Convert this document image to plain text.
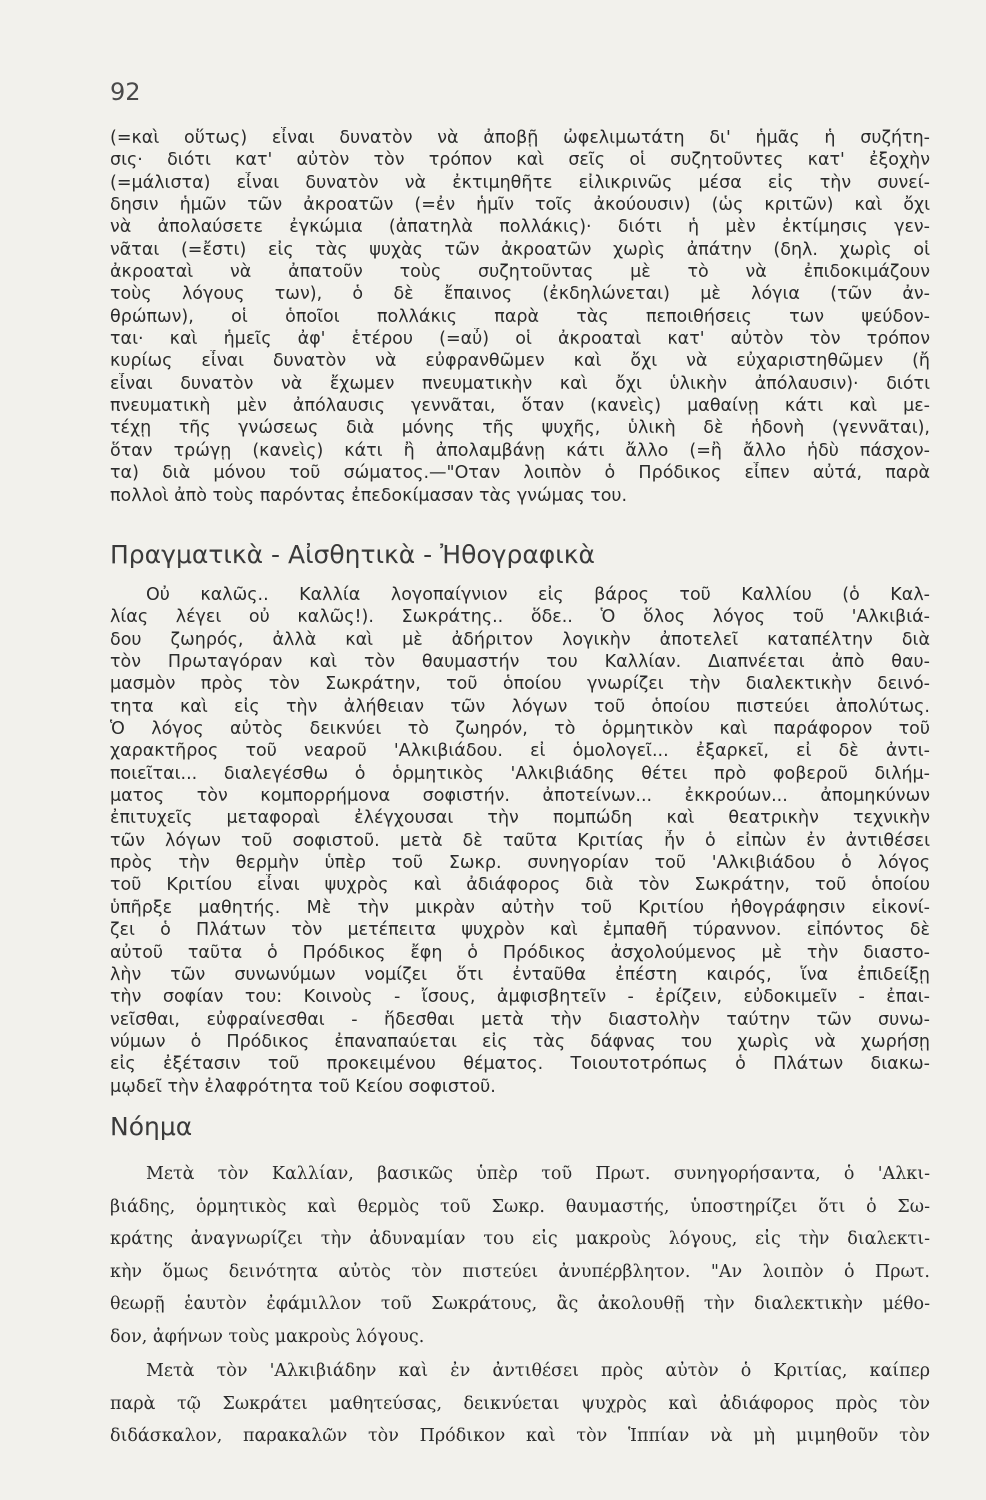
92
(=καὶ οὕτως) εἶναι δυνατὸν νὰ ἀποβῇ ὠφελιμωτάτη δι' ἡμᾶς ἡ συζήτη-
σις· διότι κατ' αὐτὸν τὸν τρόπον καὶ σεῖς οἱ συζητοῦντες κατ' ἐξοχὴν
(=μάλιστα) εἶναι δυνατὸν νὰ ἐκτιμηθῆτε εἰλικρινῶς μέσα εἰς τὴν συνεί-
δησιν ἡμῶν τῶν ἀκροατῶν (=ἐν ἡμῖν τοῖς ἀκούουσιν) (ὡς κριτῶν) καὶ ὄχι
νὰ ἀπολαύσετε ἐγκώμια (ἀπατηλὰ πολλάκις)· διότι ἡ μὲν ἐκτίμησις γεν-
νᾶται (=ἔστι) εἰς τὰς ψυχὰς τῶν ἀκροατῶν χωρὶς ἀπάτην (δηλ. χωρὶς οἱ
ἀκροαταὶ νὰ ἀπατοῦν τοὺς συζητοῦντας μὲ τὸ νὰ ἐπιδοκιμάζουν
τοὺς λόγους των), ὁ δὲ ἔπαινος (ἐκδηλώνεται) μὲ λόγια (τῶν ἀν-
θρώπων), οἱ ὁποῖοι πολλάκις παρὰ τὰς πεποιθήσεις των ψεύδον-
ται· καὶ ἡμεῖς ἀφ' ἑτέρου (=αὖ) οἱ ἀκροαταὶ κατ' αὐτὸν τὸν τρόπον
κυρίως εἶναι δυνατὸν νὰ εὐφρανθῶμεν καὶ ὄχι νὰ εὐχαριστηθῶμεν (ἤ
εἶναι δυνατὸν νὰ ἔχωμεν πνευματικὴν καὶ ὄχι ὑλικὴν ἀπόλαυσιν)· διότι
πνευματικὴ μὲν ἀπόλαυσις γεννᾶται, ὅταν (κανεὶς) μαθαίνῃ κάτι καὶ με-
τέχῃ τῆς γνώσεως διὰ μόνης τῆς ψυχῆς, ὑλικὴ δὲ ἡδονὴ (γεννᾶται),
ὅταν τρώγῃ (κανεὶς) κάτι ἢ ἀπολαμβάνῃ κάτι ἄλλο (=ἢ ἄλλο ἡδὺ πάσχον-
τα) διὰ μόνου τοῦ σώματος.—"Οταν λοιπὸν ὁ Πρόδικος εἶπεν αὐτά, παρὰ
πολλοὶ ἀπὸ τοὺς παρόντας ἐπεδοκίμασαν τὰς γνώμας του.
Πραγματικὰ - Αἰσθητικὰ - Ἠθογραφικὰ
Οὐ καλῶς.. Καλλία λογοπαίγνιον εἰς βάρος τοῦ Καλλίου (ὁ Καλ-
λίας λέγει οὐ καλῶς!). Σωκράτης.. ὅδε.. Ὁ ὅλος λόγος τοῦ 'Αλκιβιά-
δου ζωηρός, ἀλλὰ καὶ μὲ ἀδήριτον λογικὴν ἀποτελεῖ καταπέλτην διὰ
τὸν Πρωταγόραν καὶ τὸν θαυμαστήν του Καλλίαν. Διαπνέεται ἀπὸ θαυ-
μασμὸν πρὸς τὸν Σωκράτην, τοῦ ὁποίου γνωρίζει τὴν διαλεκτικὴν δεινό-
τητα καὶ εἰς τὴν ἀλήθειαν τῶν λόγων τοῦ ὁποίου πιστεύει ἀπολύτως.
Ὁ λόγος αὐτὸς δεικνύει τὸ ζωηρόν, τὸ ὁρμητικὸν καὶ παράφορον τοῦ
χαρακτῆρος τοῦ νεαροῦ 'Αλκιβιάδου. εἰ ὁμολογεῖ... ἐξαρκεῖ, εἰ δὲ ἀντι-
ποιεῖται... διαλεγέσθω ὁ ὁρμητικὸς 'Αλκιβιάδης θέτει πρὸ φοβεροῦ διλήμ-
ματος τὸν κομπορρήμονα σοφιστήν. ἀποτείνων... ἐκκρούων... ἀπομηκύνων
ἐπιτυχεῖς μεταφοραὶ ἐλέγχουσαι τὴν πομπώδη καὶ θεατρικὴν τεχνικὴν
τῶν λόγων τοῦ σοφιστοῦ. μετὰ δὲ ταῦτα Κριτίας ἦν ὁ εἰπὼν ἐν ἀντιθέσει
πρὸς τὴν θερμὴν ὑπὲρ τοῦ Σωκρ. συνηγορίαν τοῦ 'Αλκιβιάδου ὁ λόγος
τοῦ Κριτίου εἶναι ψυχρὸς καὶ ἀδιάφορος διὰ τὸν Σωκράτην, τοῦ ὁποίου
ὑπῆρξε μαθητής. Μὲ τὴν μικρὰν αὐτὴν τοῦ Κριτίου ἠθογράφησιν εἰκονί-
ζει ὁ Πλάτων τὸν μετέπειτα ψυχρὸν καὶ ἐμπαθῆ τύραννον. εἰπόντος δὲ
αὐτοῦ ταῦτα ὁ Πρόδικος ἔφη ὁ Πρόδικος ἀσχολούμενος μὲ τὴν διαστο-
λὴν τῶν συνωνύμων νομίζει ὅτι ἐνταῦθα ἐπέστη καιρός, ἵνα ἐπιδείξῃ
τὴν σοφίαν του: Κοινοὺς - ἴσους, ἀμφισβητεῖν - ἐρίζειν, εὐδοκιμεῖν - ἐπαι-
νεῖσθαι, εὐφραίνεσθαι - ἥδεσθαι μετὰ τὴν διαστολὴν ταύτην τῶν συνω-
νύμων ὁ Πρόδικος ἐπαναπαύεται εἰς τὰς δάφνας του χωρὶς νὰ χωρήσῃ
εἰς ἐξέτασιν τοῦ προκειμένου θέματος. Τοιουτοτρόπως ὁ Πλάτων διακω-
μῳδεῖ τὴν ἐλαφρότητα τοῦ Κείου σοφιστοῦ.
Νόημα
Μετὰ τὸν Καλλίαν, βασικῶς ὑπὲρ τοῦ Πρωτ. συνηγορήσαντα, ὁ 'Αλκι-
βιάδης, ὁρμητικὸς καὶ θερμὸς τοῦ Σωκρ. θαυμαστής, ὑποστηρίζει ὅτι ὁ Σω-
κράτης ἀναγνωρίζει τὴν ἀδυναμίαν του εἰς μακροὺς λόγους, εἰς τὴν διαλεκτι-
κὴν ὅμως δεινότητα αὐτὸς τὸν πιστεύει ἀνυπέρβλητον. "Αν λοιπὸν ὁ Πρωτ.
θεωρῇ ἑαυτὸν ἐφάμιλλον τοῦ Σωκράτους, ἂς ἀκολουθῇ τὴν διαλεκτικὴν μέθο-
δον, ἀφήνων τοὺς μακροὺς λόγους.
Μετὰ τὸν 'Αλκιβιάδην καὶ ἐν ἀντιθέσει πρὸς αὐτὸν ὁ Κριτίας, καίπερ
παρὰ τῷ Σωκράτει μαθητεύσας, δεικνύεται ψυχρὸς καὶ ἀδιάφορος πρὸς τὸν
διδάσκαλον, παρακαλῶν τὸν Πρόδικον καὶ τὸν Ἱππίαν νὰ μὴ μιμηθοῦν τὸν
